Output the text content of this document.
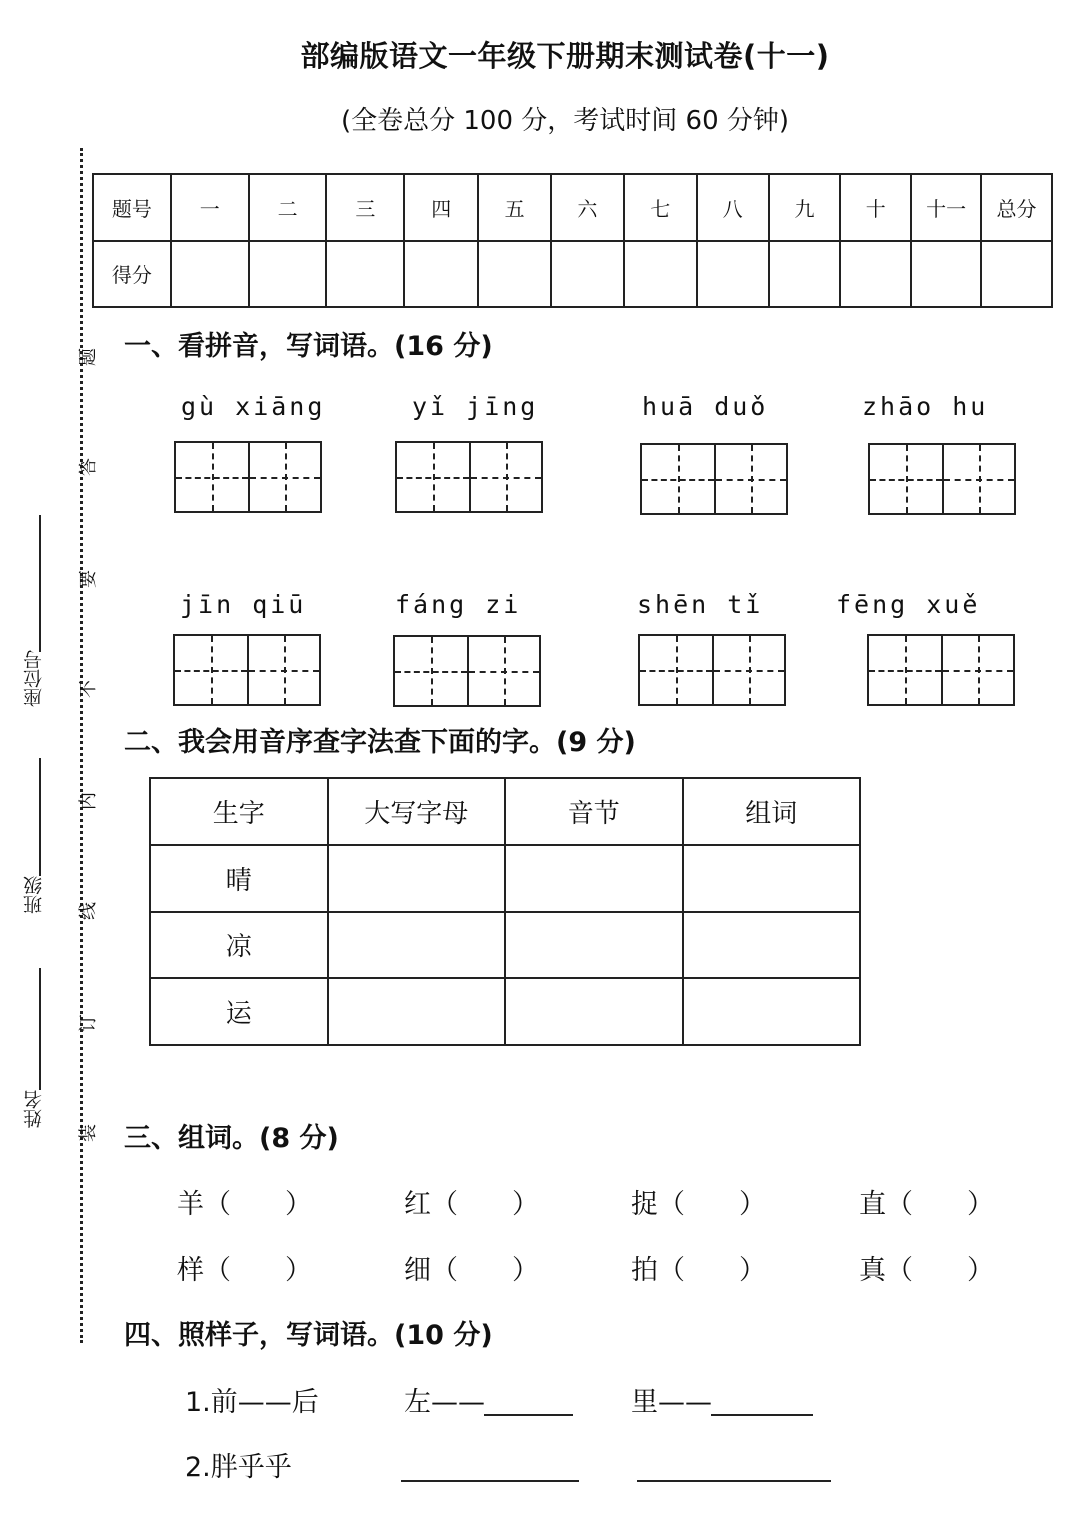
部编版语文一年级下册期末测试卷(十一)
(全卷总分 100 分，考试时间 60 分钟)
座位号
班级
姓名
题
答
要
不
内
线
订
装
题号	一	二	三	四	五	六	七	八	九	十	十一	总分
得分												
一、看拼音，写词语。(16 分)
gù xiāng	yǐ jīng	huā duǒ	zhāo hu
jīn qiū	fáng zi	shēn tǐ	fēng xuě
二、我会用音序查字法查下面的字。(9 分)
生字	大写字母	音节	组词
晴			
凉			
运			
三、组词。(8 分)
羊（　　）	红（　　）	捉（　　）	直（　　）
样（　　）	细（　　）	拍（　　）	真（　　）
四、照样子，写词语。(10 分)
1.前——后	左——	里——
2.胖乎乎
